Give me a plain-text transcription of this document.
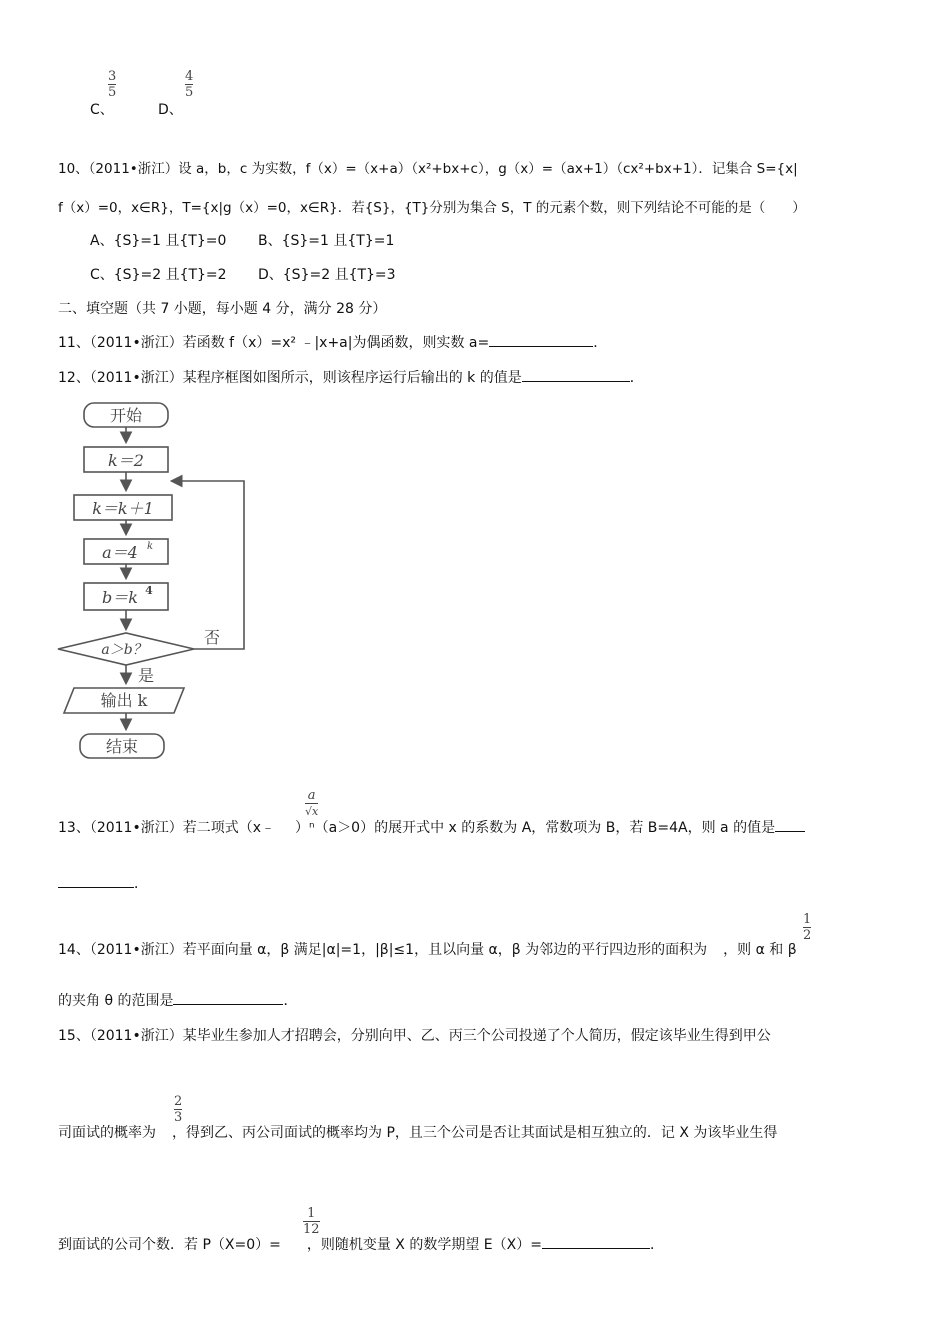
3
5
C、
4
5
D、
10、（2011•浙江）设 a，b，c 为实数，f（x）=（x+a）（x²+bx+c），g（x）=（ax+1）（cx²+bx+1）．记集合 S={x|
f（x）=0，x∈R}，T={x|g（x）=0，x∈R}．若{S}，{T}分别为集合 S，T 的元素个数，则下列结论不可能的是（　　）
A、{S}=1 且{T}=0 B、{S}=1 且{T}=1
C、{S}=2 且{T}=2 D、{S}=2 且{T}=3
二、填空题（共 7 小题，每小题 4 分，满分 28 分）
11、（2011•浙江）若函数 f（x）=x² ﹣|x+a|为偶函数，则实数 a=	．
12、（2011•浙江）某程序框图如图所示，则该程序运行后输出的 k 的值是	．
开始
k＝2
k＝k＋1
a＝4 k
b＝k 4
a＞b？
否
是
输出 k
结束
a
√x
13、（2011•浙江）若二项式（x﹣ ）ⁿ（a＞0）的展开式中 x 的系数为 A，常数项为 B，若 B=4A，则 a 的值是
．
1
2
14、（2011•浙江）若平面向量 α，β 满足|α|=1，|β|≤1，且以向量 α，β 为邻边的平行四边形的面积为 ，则 α 和 β
的夹角 θ 的范围是	．
15、（2011•浙江）某毕业生参加人才招聘会，分别向甲、乙、丙三个公司投递了个人简历，假定该毕业生得到甲公
2
3
司面试的概率为 ，得到乙、丙公司面试的概率均为 P，且三个公司是否让其面试是相互独立的．记 X 为该毕业生得
1
12
到面试的公司个数．若 P（X=0）= ，则随机变量 X 的数学期望 E（X）=	．
